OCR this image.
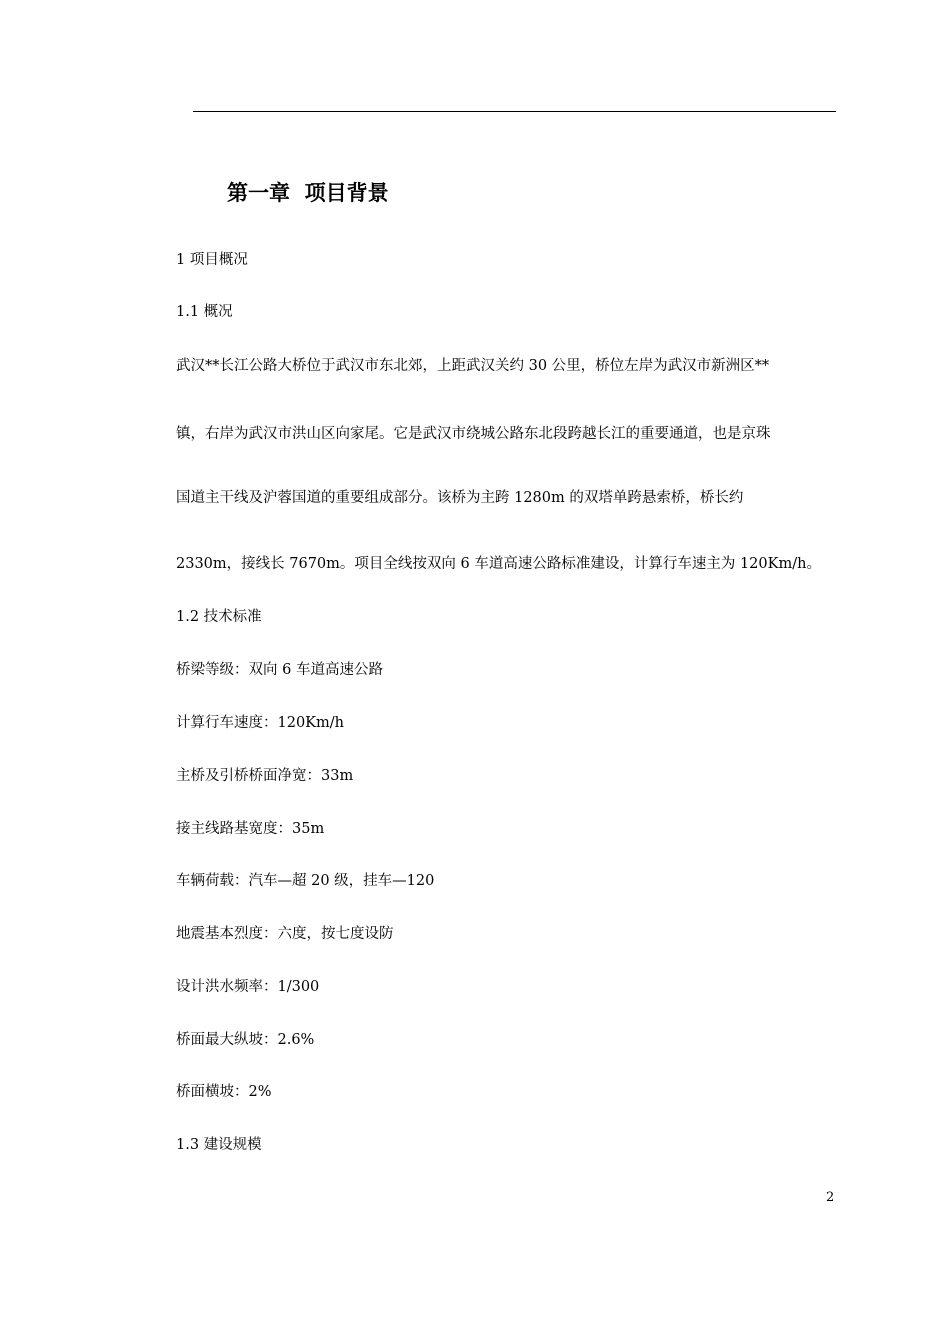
第一章  项目背景

1 项目概况

1.1 概况

武汉**长江公路大桥位于武汉市东北郊，上距武汉关约 30 公里，桥位左岸为武汉市新洲区**

镇，右岸为武汉市洪山区向家尾。它是武汉市绕城公路东北段跨越长江的重要通道，也是京珠

国道主干线及沪蓉国道的重要组成部分。该桥为主跨 1280m 的双塔单跨悬索桥，桥长约

2330m，接线长 7670m。项目全线按双向 6 车道高速公路标准建设，计算行车速主为 120Km/h。

1.2 技术标准

桥梁等级：双向 6 车道高速公路

计算行车速度：120Km/h

主桥及引桥桥面净宽：33m

接主线路基宽度：35m

车辆荷载：汽车—超 20 级，挂车—120

地震基本烈度：六度，按七度设防

设计洪水频率：1/300

桥面最大纵坡：2.6%

桥面横坡：2%

1.3 建设规模

2
